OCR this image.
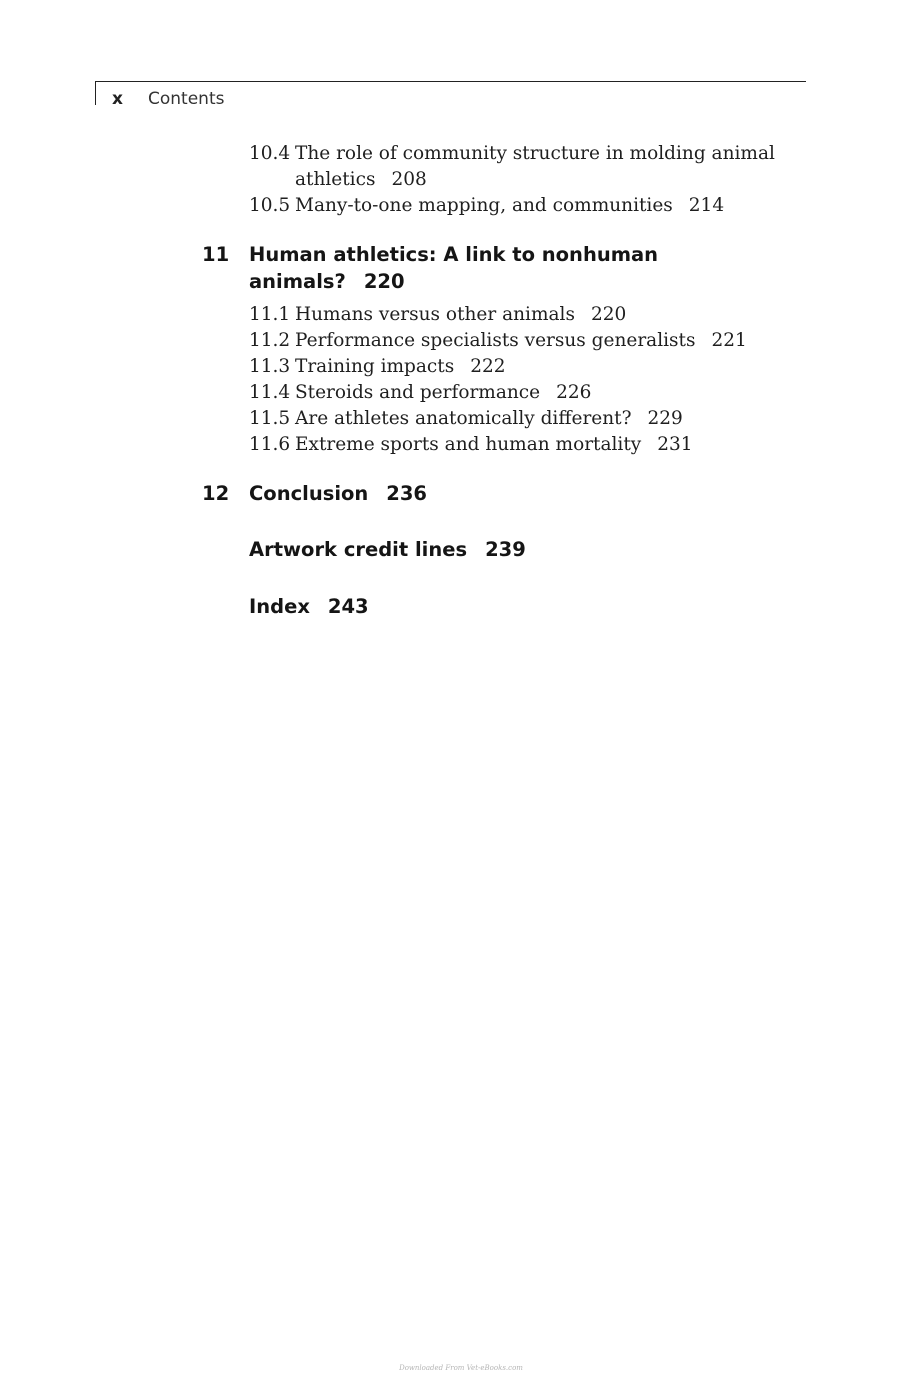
x Contents
10.4 The role of community structure in molding animal
athletics 208
10.5 Many-to-one mapping, and communities 214
11	Human athletics: A link to nonhuman
animals? 220
11.1 Humans versus other animals 220
11.2 Performance specialists versus generalists 221
11.3 Training impacts 222
11.4 Steroids and performance 226
11.5 Are athletes anatomically different? 229
11.6 Extreme sports and human mortality 231
12	Conclusion 236
Artwork credit lines 239
Index 243
Downloaded From Vet-eBooks.com
